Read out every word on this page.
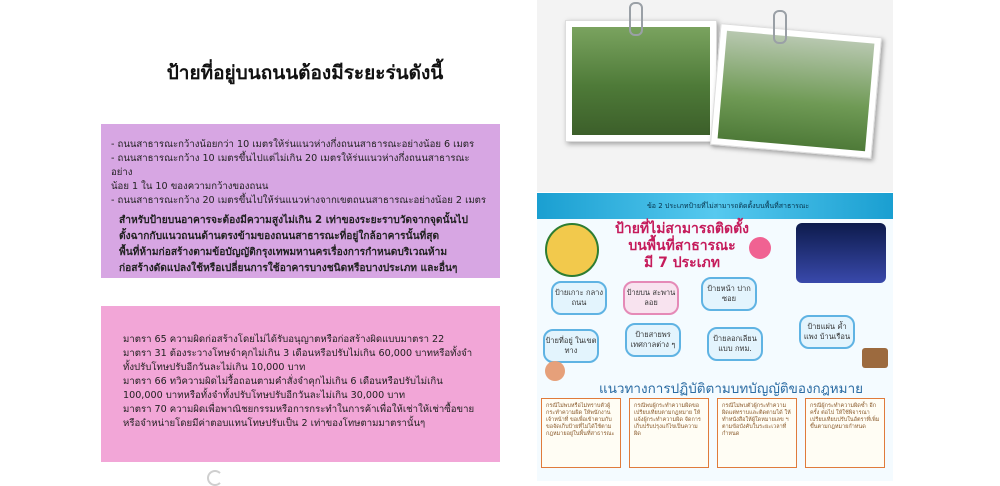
ป้ายที่อยู่บนถนนต้องมีระยะร่นดังนี้
- ถนนสาธารณะกว้างน้อยกว่า 10 เมตรให้ร่นแนวห่างกึ่งถนนสาธารณะอย่างน้อย 6 เมตร
- ถนนสาธารณะกว้าง 10 เมตรขึ้นไปแต่ไม่เกิน 20 เมตรให้ร่นแนวห่างกึ่งถนนสาธารณะอย่าง
น้อย 1 ใน 10 ของความกว้างของถนน
- ถนนสาธารณะกว้าง 20 เมตรขึ้นไปให้ร่นแนวห่างจากเขตถนนสาธารณะอย่างน้อย 2 เมตร
สำหรับป้ายบนอาคารจะต้องมีความสูงไม่เกิน 2 เท่าของระยะราบวัดจากจุดนั้นไป
ตั้งฉากกับแนวถนนด้านตรงข้ามของถนนสาธารณะที่อยู่ใกล้อาคารนั้นที่สุด
พื้นที่ห้ามก่อสร้างตามข้อบัญญัติกรุงเทพมหานครเรื่องการกำหนดบริเวณห้าม
ก่อสร้างดัดแปลงใช้หรือเปลี่ยนการใช้อาคารบางชนิดหรือบางประเภท และอื่นๆ
มาตรา 65 ความผิดก่อสร้างโดยไม่ได้รับอนุญาตหรือก่อสร้างผิดแบบมาตรา 22
มาตรา 31 ต้องระวางโทษจำคุกไม่เกิน 3 เดือนหรือปรับไม่เกิน 60,000 บาทหรือทั้งจำ
ทั้งปรับโทษปรับอีกวันละไม่เกิน 10,000 บาท
มาตรา 66 ทวิความผิดไม่รื้อถอนตามคำสั่งจำคุกไม่เกิน 6 เดือนหรือปรับไม่เกิน
100,000 บาทหรือทั้งจำทั้งปรับโทษปรับอีกวันละไม่เกิน 30,000 บาท
มาตรา 70 ความผิดเพื่อพาณิชยกรรมหรือการกระทำในการค้าเพื่อให้เช่าให้เช่าซื้อขาย
หรือจำหน่ายโดยมีค่าตอบแทนโทษปรับเป็น 2 เท่าของโทษตามมาตรานั้นๆ
ข้อ 2 ประเภทป้ายที่ไม่สามารถติดตั้งบนพื้นที่สาธารณะ
ป้ายที่ไม่สามารถติดตั้ง
บนพื้นที่สาธารณะ
มี 7 ประเภท
ป้ายเกาะ กลางถนน
ป้ายบน สะพานลอย
ป้ายหน้า ปากซอย
ป้ายที่อยู่ ในเขตทาง
ป้ายสายพร เทศกาลต่าง ๆ
ป้ายลอกเลียน แบบ กทม.
ป้ายแผ่น ค้ำแพง บ้านเรือน
แนวทางการปฏิบัติตามบทบัญญัติของกฎหมาย
กรณีไม่พบหรือไม่ทราบตัวผู้กระทำความผิด ให้พนักงานเจ้าหน้าที่ ขอเพื่อเข้าตามกับ ขอจัดเก็บป้ายที่ไม่ได้ใช้ตามกฎหมายอยู่ในพื้นที่สาธารณะ
กรณีพบผู้กระทำความผิดขอเปรียบเทียบตามกฎหมาย ให้แจ้งผู้กระทำความผิด จัดการเก็บปรับปรุงแก้ไขเป็นความผิด
กรณีไม่พบตัวผู้กระทำความผิดแต่ทราบและติดตามได้ ให้ทำหนังสือให้ผู้ใดหมายเลข ฯ ตามข้อบังคับในระยะเวลาที่กำหนด
กรณีผู้กระทำความผิดซ้ำ อีกครั้ง ต่อไป ให้ใช้พิจารณาเปรียบเทียบปรับในอัตราที่เพิ่มขึ้นตามกฎหมายกำหนด
